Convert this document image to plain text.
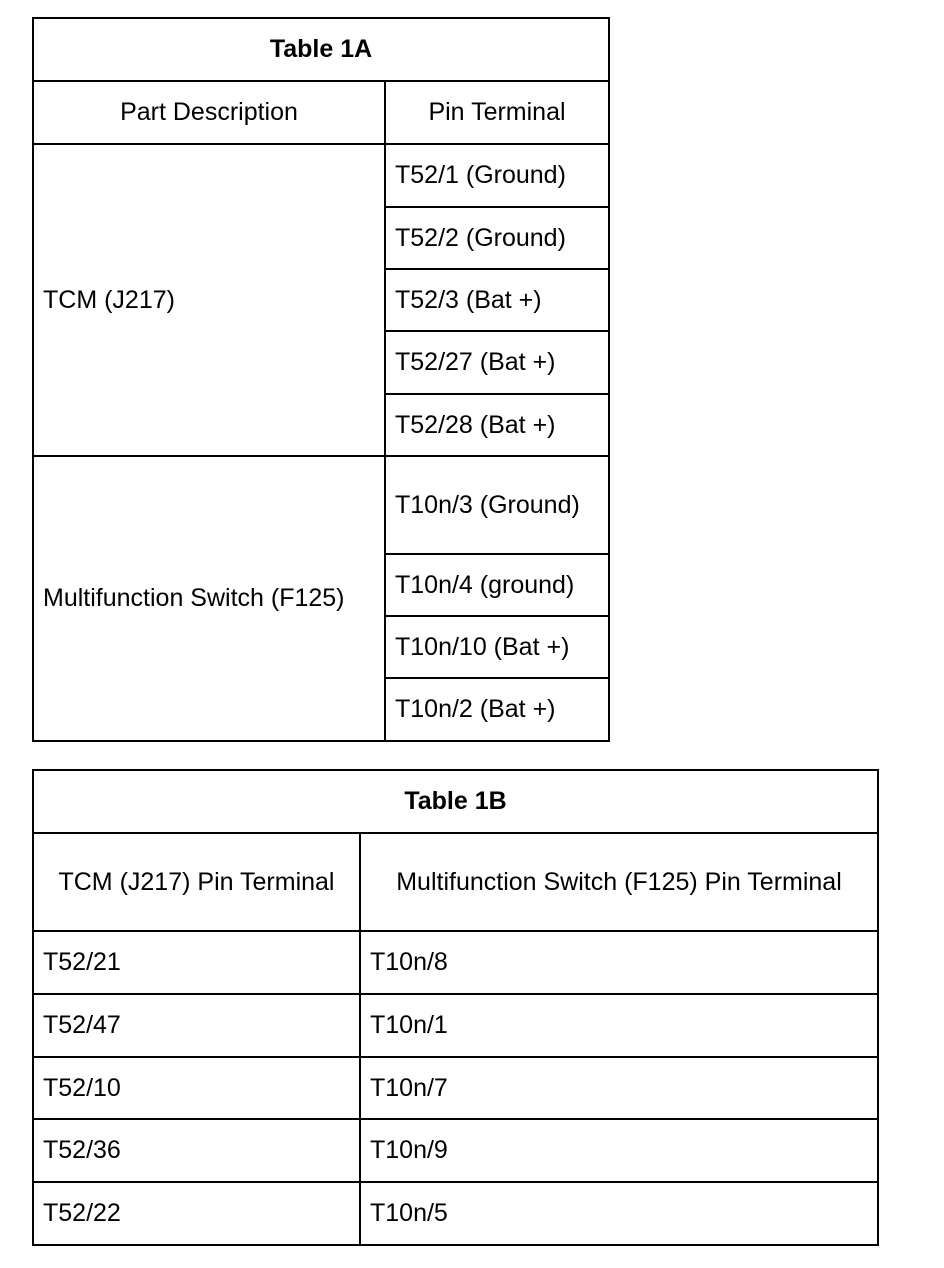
Table 1A	
Part Description	Pin Terminal
TCM (J217)	T52/1 (Ground)
	T52/2 (Ground)
	T52/3 (Bat +)
	T52/27 (Bat +)
	T52/28 (Bat +)
Multifunction Switch (F125)	T10n/3 (Ground)
	T10n/4 (ground)
	T10n/10 (Bat +)
	T10n/2 (Bat +)
Table 1B	
TCM (J217) Pin Terminal	Multifunction Switch (F125) Pin Terminal
T52/21	T10n/8
T52/47	T10n/1
T52/10	T10n/7
T52/36	T10n/9
T52/22	T10n/5
